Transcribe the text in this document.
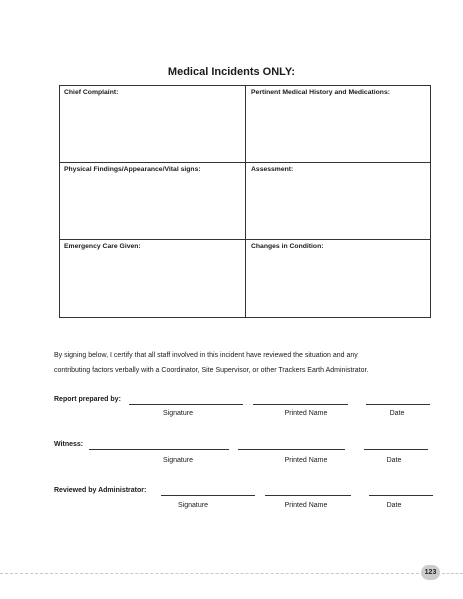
Medical Incidents ONLY:
Chief Complaint:	Pertinent Medical History and Medications:
Physical Findings/Appearance/Vital signs:	Assessment:
Emergency Care Given:	Changes in Condition:
By signing below, I certify that all staff involved in this incident have reviewed the situation and any
contributing factors verbally with a Coordinator, Site Supervisor, or other Trackers Earth Administrator.
Report prepared by:
Signature	Printed Name	Date
Witness:
Signature	Printed Name	Date
Reviewed by Administrator:
Signature	Printed Name	Date
123
